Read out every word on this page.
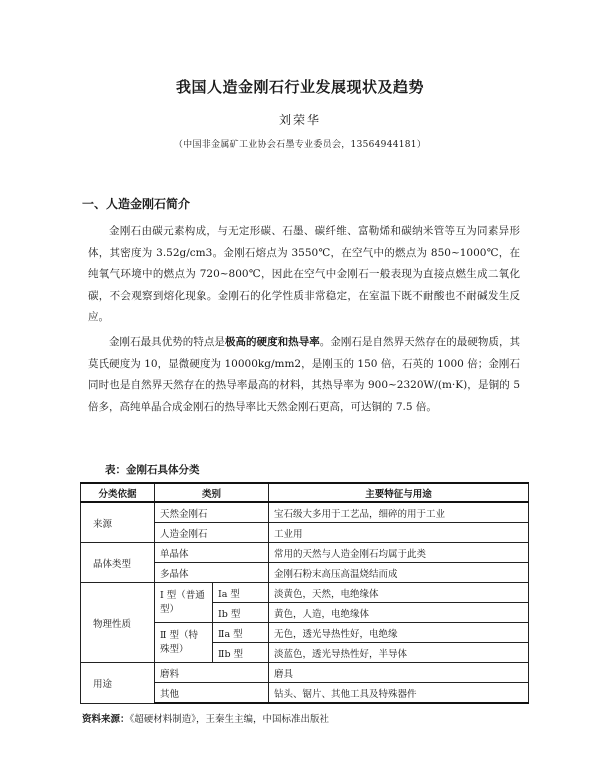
我国人造金刚石行业发展现状及趋势
刘荣华
（中国非金属矿工业协会石墨专业委员会，13564944181）
一、人造金刚石简介

金刚石由碳元素构成，与无定形碳、石墨、碳纤维、富勒烯和碳纳米管等互为同素异形体，其密度为 3.52g/cm3。金刚石熔点为 3550℃，在空气中的燃点为 850~1000℃，在纯氧气环境中的燃点为 720~800℃，因此在空气中金刚石一般表现为直接点燃生成二氧化碳，不会观察到熔化现象。金刚石的化学性质非常稳定，在室温下既不耐酸也不耐碱发生反应。

金刚石最具优势的特点是极高的硬度和热导率。金刚石是自然界天然存在的最硬物质，其莫氏硬度为 10，显微硬度为 10000kg/mm2，是刚玉的 150 倍，石英的 1000 倍；金刚石同时也是自然界天然存在的热导率最高的材料，其热导率为 900~2320W/(m·K)，是铜的 5 倍多，高纯单晶合成金刚石的热导率比天然金刚石更高，可达铜的 7.5 倍。

表：金刚石具体分类
分类依据	类别		主要特征与用途
来源	天然金刚石		宝石级大多用于工艺品，细碎的用于工业
	人造金刚石		工业用
晶体类型	单晶体		常用的天然与人造金刚石均属于此类
	多晶体		金刚石粉末高压高温烧结而成
物理性质	Ⅰ 型（普通型）	Ⅰa 型	淡黄色，天然，电绝缘体
		Ⅰb 型	黄色，人造，电绝缘体
	Ⅱ 型（特殊型）	Ⅱa 型	无色，透光导热性好，电绝缘
		Ⅱb 型	淡蓝色，透光导热性好，半导体
用途	磨料		磨具
	其他		钻头、锯片、其他工具及特殊器件
资料来源：《超硬材料制造》，王秦生主编，中国标准出版社
